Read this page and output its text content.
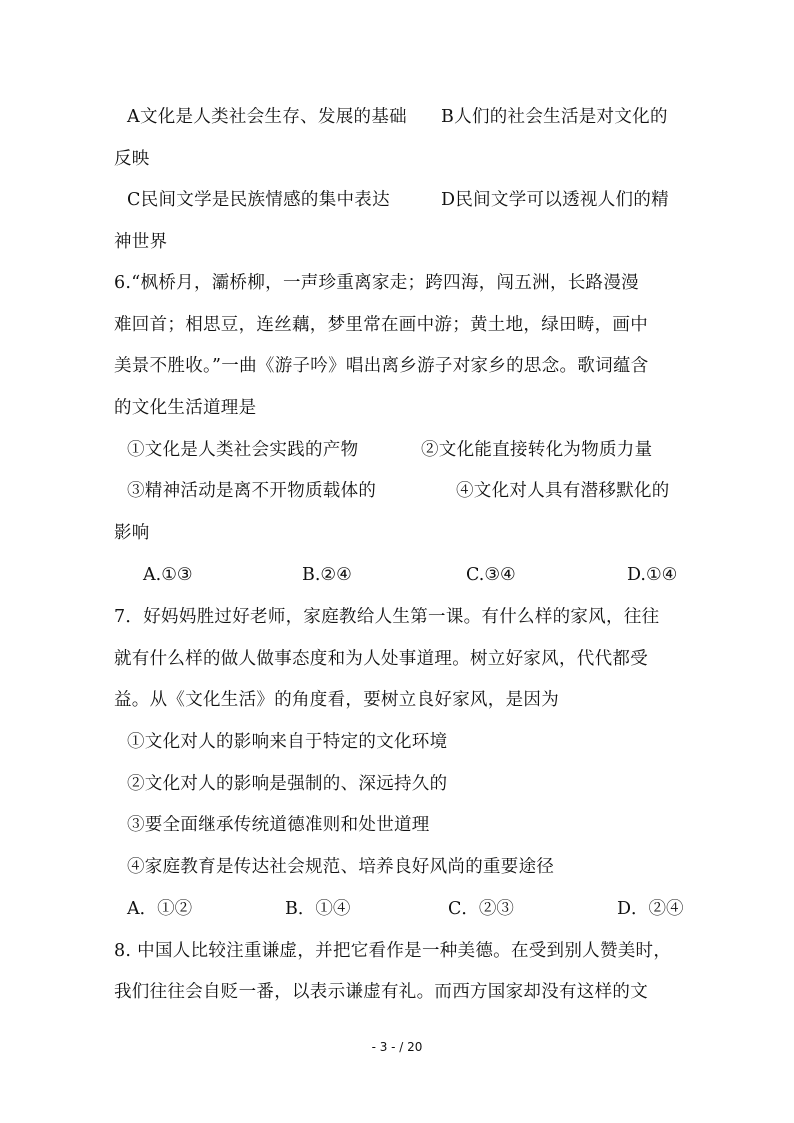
A文化是人类社会生存、发展的基础 B人们的社会生活是对文化的
反映
C民间文学是民族情感的集中表达	D民间文学可以透视人们的精
神世界
6.“枫桥月，灞桥柳，一声珍重离家走；跨四海，闯五洲，长路漫漫
难回首；相思豆，连丝藕，梦里常在画中游；黄土地，绿田畴，画中
美景不胜收。”一曲《游子吟》唱出离乡游子对家乡的思念。歌词蕴含
的文化生活道理是
①文化是人类社会实践的产物	②文化能直接转化为物质力量
③精神活动是离不开物质载体的	④文化对人具有潜移默化的
影响
A.①③	B.②④	C.③④	D.①④
7．好妈妈胜过好老师，家庭教给人生第一课。有什么样的家风，往往
就有什么样的做人做事态度和为人处事道理。树立好家风，代代都受
益。从《文化生活》的角度看，要树立良好家风，是因为
①文化对人的影响来自于特定的文化环境
②文化对人的影响是强制的、深远持久的
③要全面继承传统道德准则和处世道理
④家庭教育是传达社会规范、培养良好风尚的重要途径
A．①②	B．①④	C．②③	D．②④
8. 中国人比较注重谦虚，并把它看作是一种美德。在受到别人赞美时，
我们往往会自贬一番，以表示谦虚有礼。而西方国家却没有这样的文
- 3 - / 20
